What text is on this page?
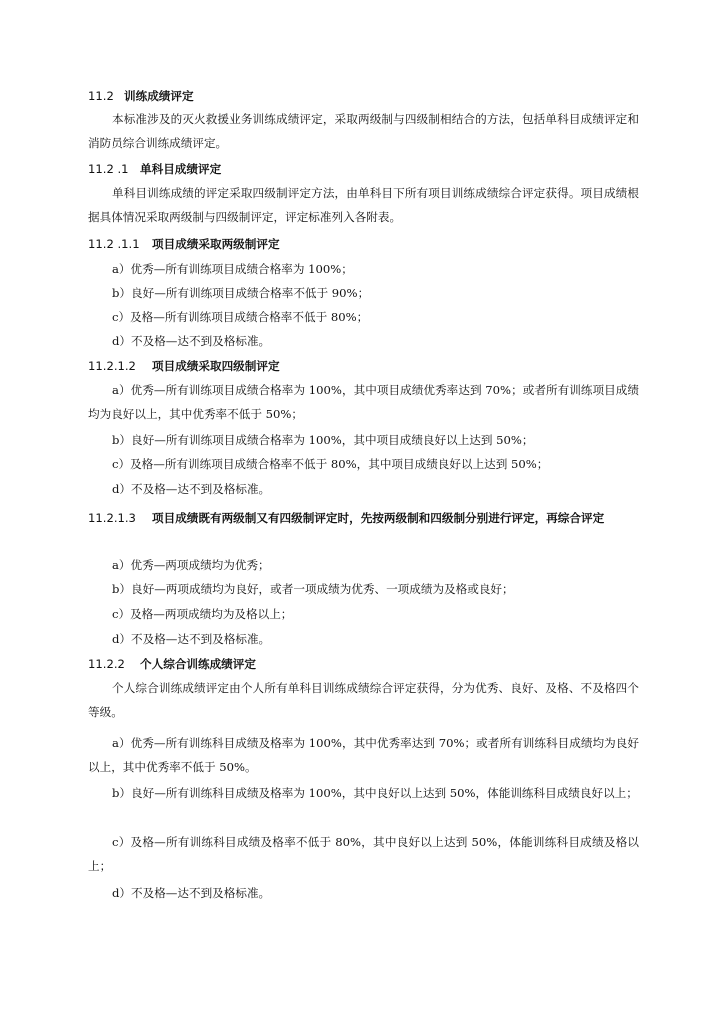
11.2 训练成绩评定
本标准涉及的灭火救援业务训练成绩评定，采取两级制与四级制相结合的方法，包括单科目成绩评定和消防员综合训练成绩评定。
11.2 .1 单科目成绩评定
单科目训练成绩的评定采取四级制评定方法，由单科目下所有项目训练成绩综合评定获得。项目成绩根据具体情况采取两级制与四级制评定，评定标准列入各附表。
11.2 .1.1 项目成绩采取两级制评定
a）优秀—所有训练项目成绩合格率为 100%；
b）良好—所有训练项目成绩合格率不低于 90%；
c）及格—所有训练项目成绩合格率不低于 80%；
d）不及格—达不到及格标准。
11.2.1.2 项目成绩采取四级制评定
a）优秀—所有训练项目成绩合格率为 100%，其中项目成绩优秀率达到 70%；或者所有训练项目成绩均为良好以上，其中优秀率不低于 50%；
b）良好—所有训练项目成绩合格率为 100%，其中项目成绩良好以上达到 50%；
c）及格—所有训练项目成绩合格率不低于 80%，其中项目成绩良好以上达到 50%；
d）不及格—达不到及格标准。
11.2.1.3 项目成绩既有两级制又有四级制评定时，先按两级制和四级制分别进行评定，再综合评定
a）优秀—两项成绩均为优秀；
b）良好—两项成绩均为良好，或者一项成绩为优秀、一项成绩为及格或良好；
c）及格—两项成绩均为及格以上；
d）不及格—达不到及格标准。
11.2.2 个人综合训练成绩评定
个人综合训练成绩评定由个人所有单科目训练成绩综合评定获得，分为优秀、良好、及格、不及格四个等级。
a）优秀—所有训练科目成绩及格率为 100%，其中优秀率达到 70%；或者所有训练科目成绩均为良好以上，其中优秀率不低于 50%。
b）良好—所有训练科目成绩及格率为 100%，其中良好以上达到 50%，体能训练科目成绩良好以上；
c）及格—所有训练科目成绩及格率不低于 80%，其中良好以上达到 50%，体能训练科目成绩及格以上；
d）不及格—达不到及格标准。
